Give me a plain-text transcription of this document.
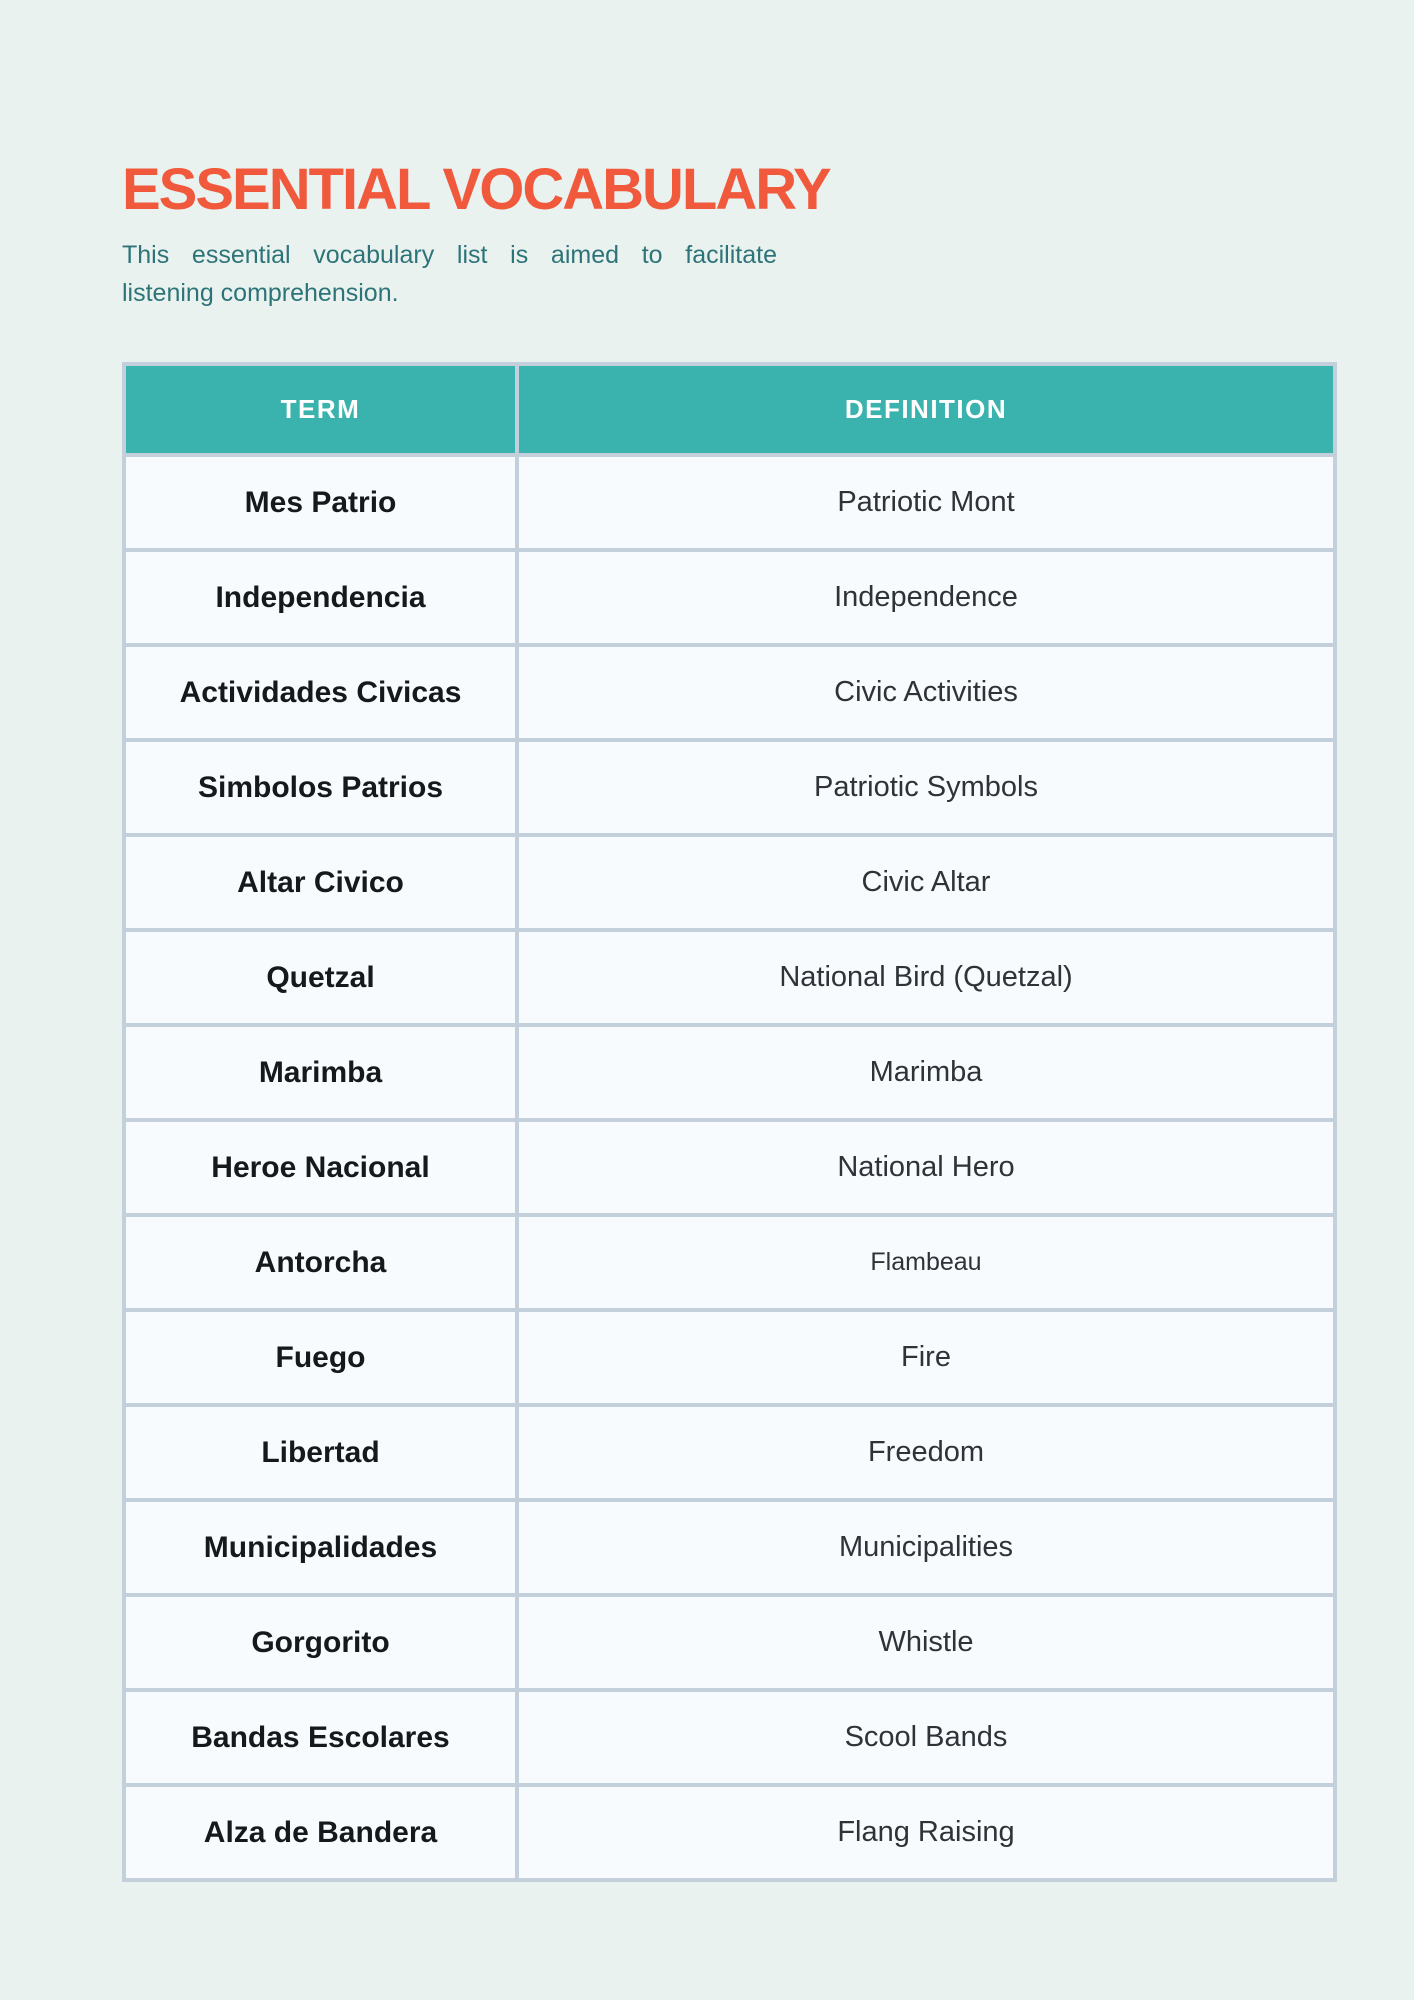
ESSENTIAL VOCABULARY
This essential vocabulary list is aimed to facilitate
listening comprehension.
TERM	DEFINITION
Mes Patrio	Patriotic Mont
Independencia	Independence
Actividades Civicas	Civic Activities
Simbolos Patrios	Patriotic Symbols
Altar Civico	Civic Altar
Quetzal	National Bird (Quetzal)
Marimba	Marimba
Heroe Nacional	National Hero
Antorcha	Flambeau
Fuego	Fire
Libertad	Freedom
Municipalidades	Municipalities
Gorgorito	Whistle
Bandas Escolares	Scool Bands
Alza de Bandera	Flang Raising
